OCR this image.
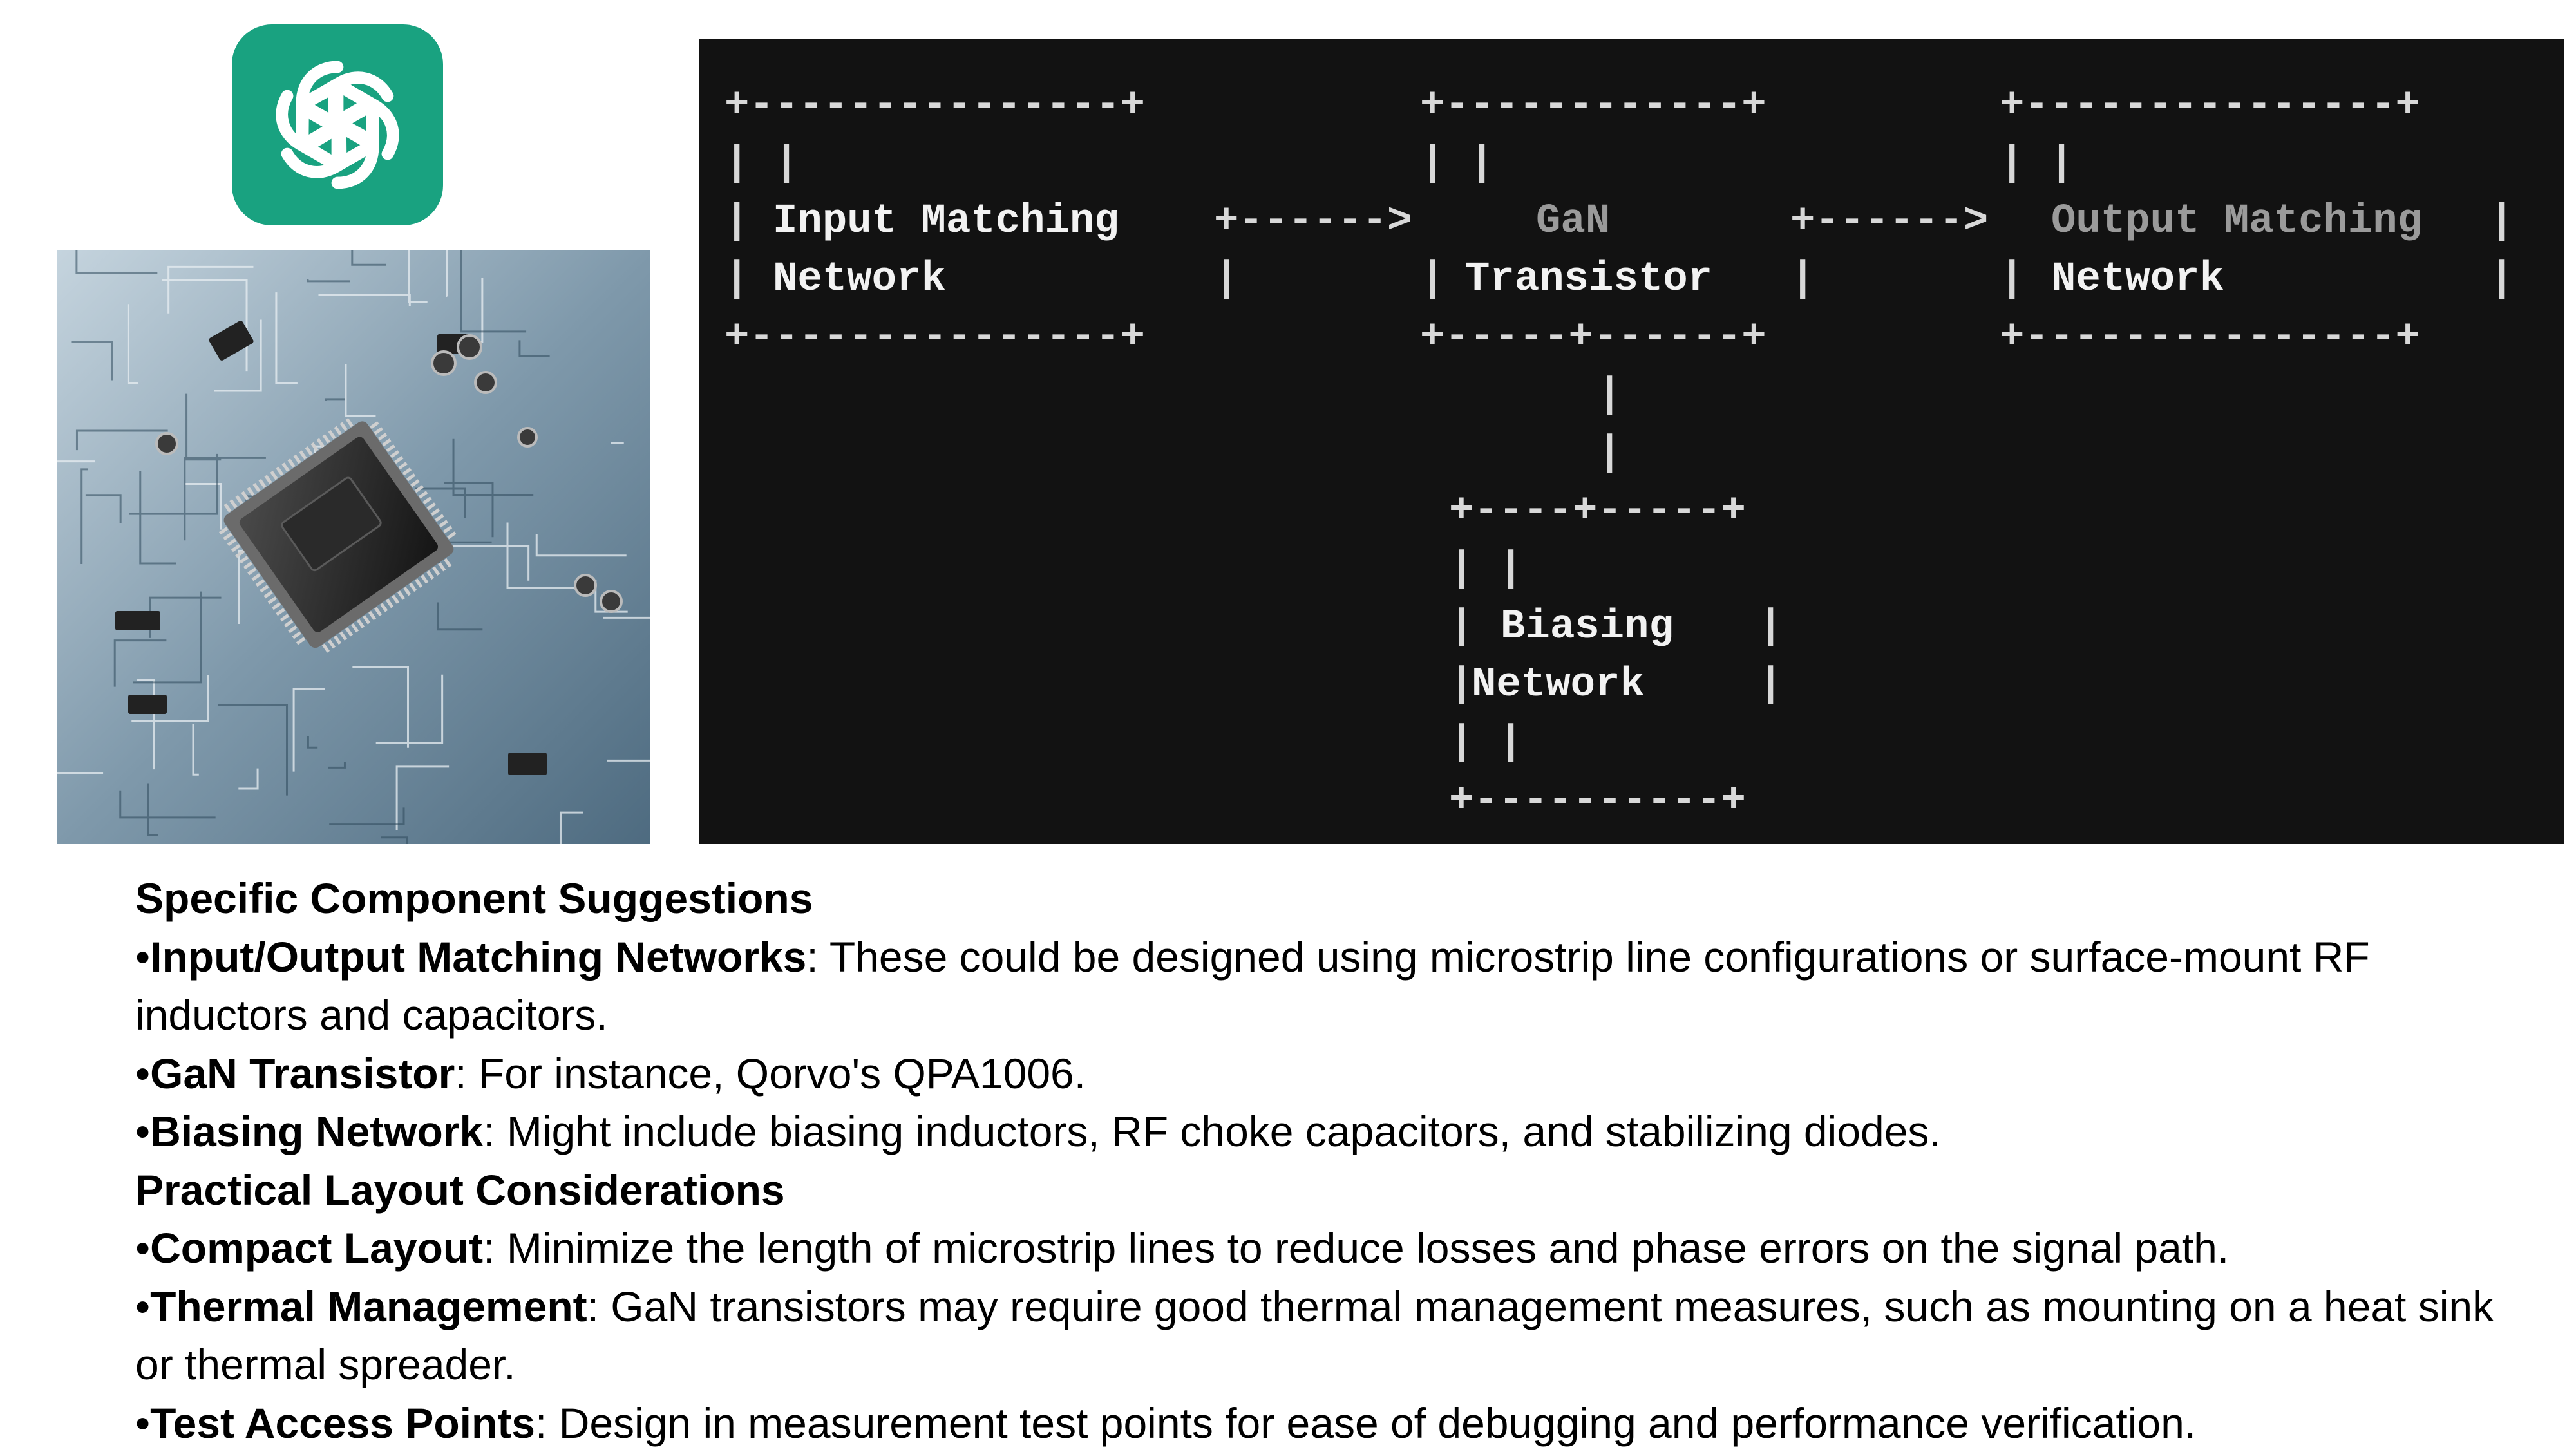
+---------------+
| |
| Input Matching +------>
| Network	|
+---------------+
+------------+
| |
GaN	+------>
| Transistor |
+-----+------+
|
|
+---------------+
| |
Output Matching |
| Network	|
+---------------+
+----+-----+
| |
| Biasing |
|
Network	|
| |
+----------+
Specific Component Suggestions
•Input/Output Matching Networks: These could be designed using microstrip line configurations or surface-mount RF inductors and capacitors.
•GaN Transistor: For instance, Qorvo's QPA1006.
•Biasing Network: Might include biasing inductors, RF choke capacitors, and stabilizing diodes.
Practical Layout Considerations
•Compact Layout: Minimize the length of microstrip lines to reduce losses and phase errors on the signal path.
•Thermal Management: GaN transistors may require good thermal management measures, such as mounting on a heat sink or thermal spreader.
•Test Access Points: Design in measurement test points for ease of debugging and performance verification.
